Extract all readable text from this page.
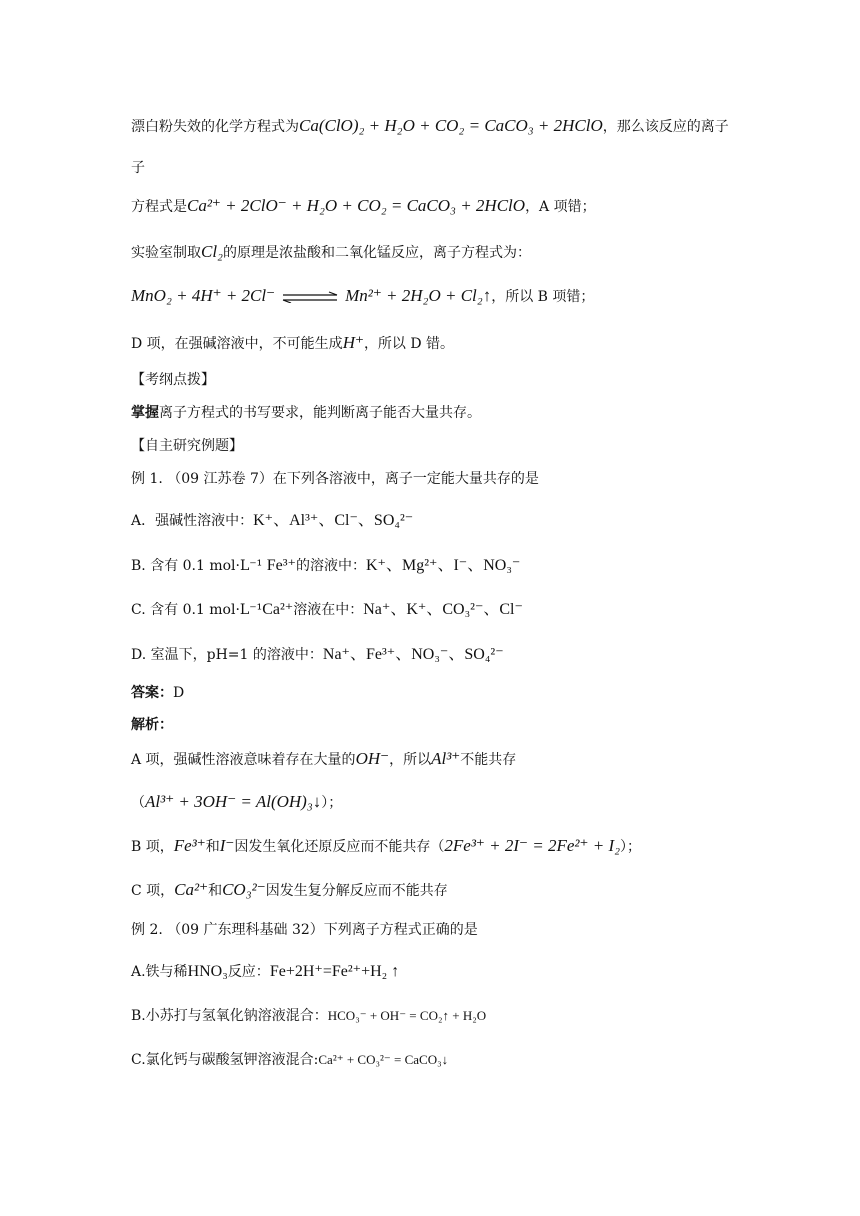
漂白粉失效的化学方程式为Ca(ClO)₂ + H₂O + CO₂ = CaCO₃ + 2HClO，那么该反应的离子
子
方程式是Ca²⁺ + 2ClO⁻ + H₂O + CO₂ = CaCO₃ + 2HClO，A 项错；
实验室制取Cl₂的原理是浓盐酸和二氧化锰反应，离子方程式为：
MnO₂ + 4H⁺ + 2Cl⁻	Mn²⁺ + 2H₂O + Cl₂↑，所以 B 项错；
D 项，在强碱溶液中，不可能生成H⁺，所以 D 错。
【考纲点拨】
掌握离子方程式的书写要求，能判断离子能否大量共存。
【自主研究例题】
例 1. （09 江苏卷 7）在下列各溶液中，离子一定能大量共存的是
A．强碱性溶液中：K⁺、Al³⁺、Cl⁻、SO₄²⁻
B. 含有 0.1 mol·L⁻¹ Fe³⁺的溶液中：K⁺、Mg²⁺、I⁻、NO₃⁻
C. 含有 0.1 mol·L⁻¹Ca²⁺溶液在中：Na⁺、K⁺、CO₃²⁻、Cl⁻
D. 室温下，pH=1 的溶液中：Na⁺、Fe³⁺、NO₃⁻、SO₄²⁻
答案：D
解析：
A 项，强碱性溶液意味着存在大量的OH⁻，所以Al³⁺不能共存
（Al³⁺ + 3OH⁻ = Al(OH)₃↓）；
B 项，Fe³⁺和I⁻因发生氧化还原反应而不能共存（2Fe³⁺ + 2I⁻ = 2Fe²⁺ + I₂）；
C 项，Ca²⁺和CO₃²⁻因发生复分解反应而不能共存
例 2. （09 广东理科基础 32）下列离子方程式正确的是
A.铁与稀HNO₃反应：Fe+2H⁺=Fe²⁺+H₂ ↑
B.小苏打与氢氧化钠溶液混合：HCO₃⁻ + OH⁻ = CO₂↑ + H₂O
C.氯化钙与碳酸氢钾溶液混合:Ca²⁺ + CO₃²⁻ = CaCO₃↓
